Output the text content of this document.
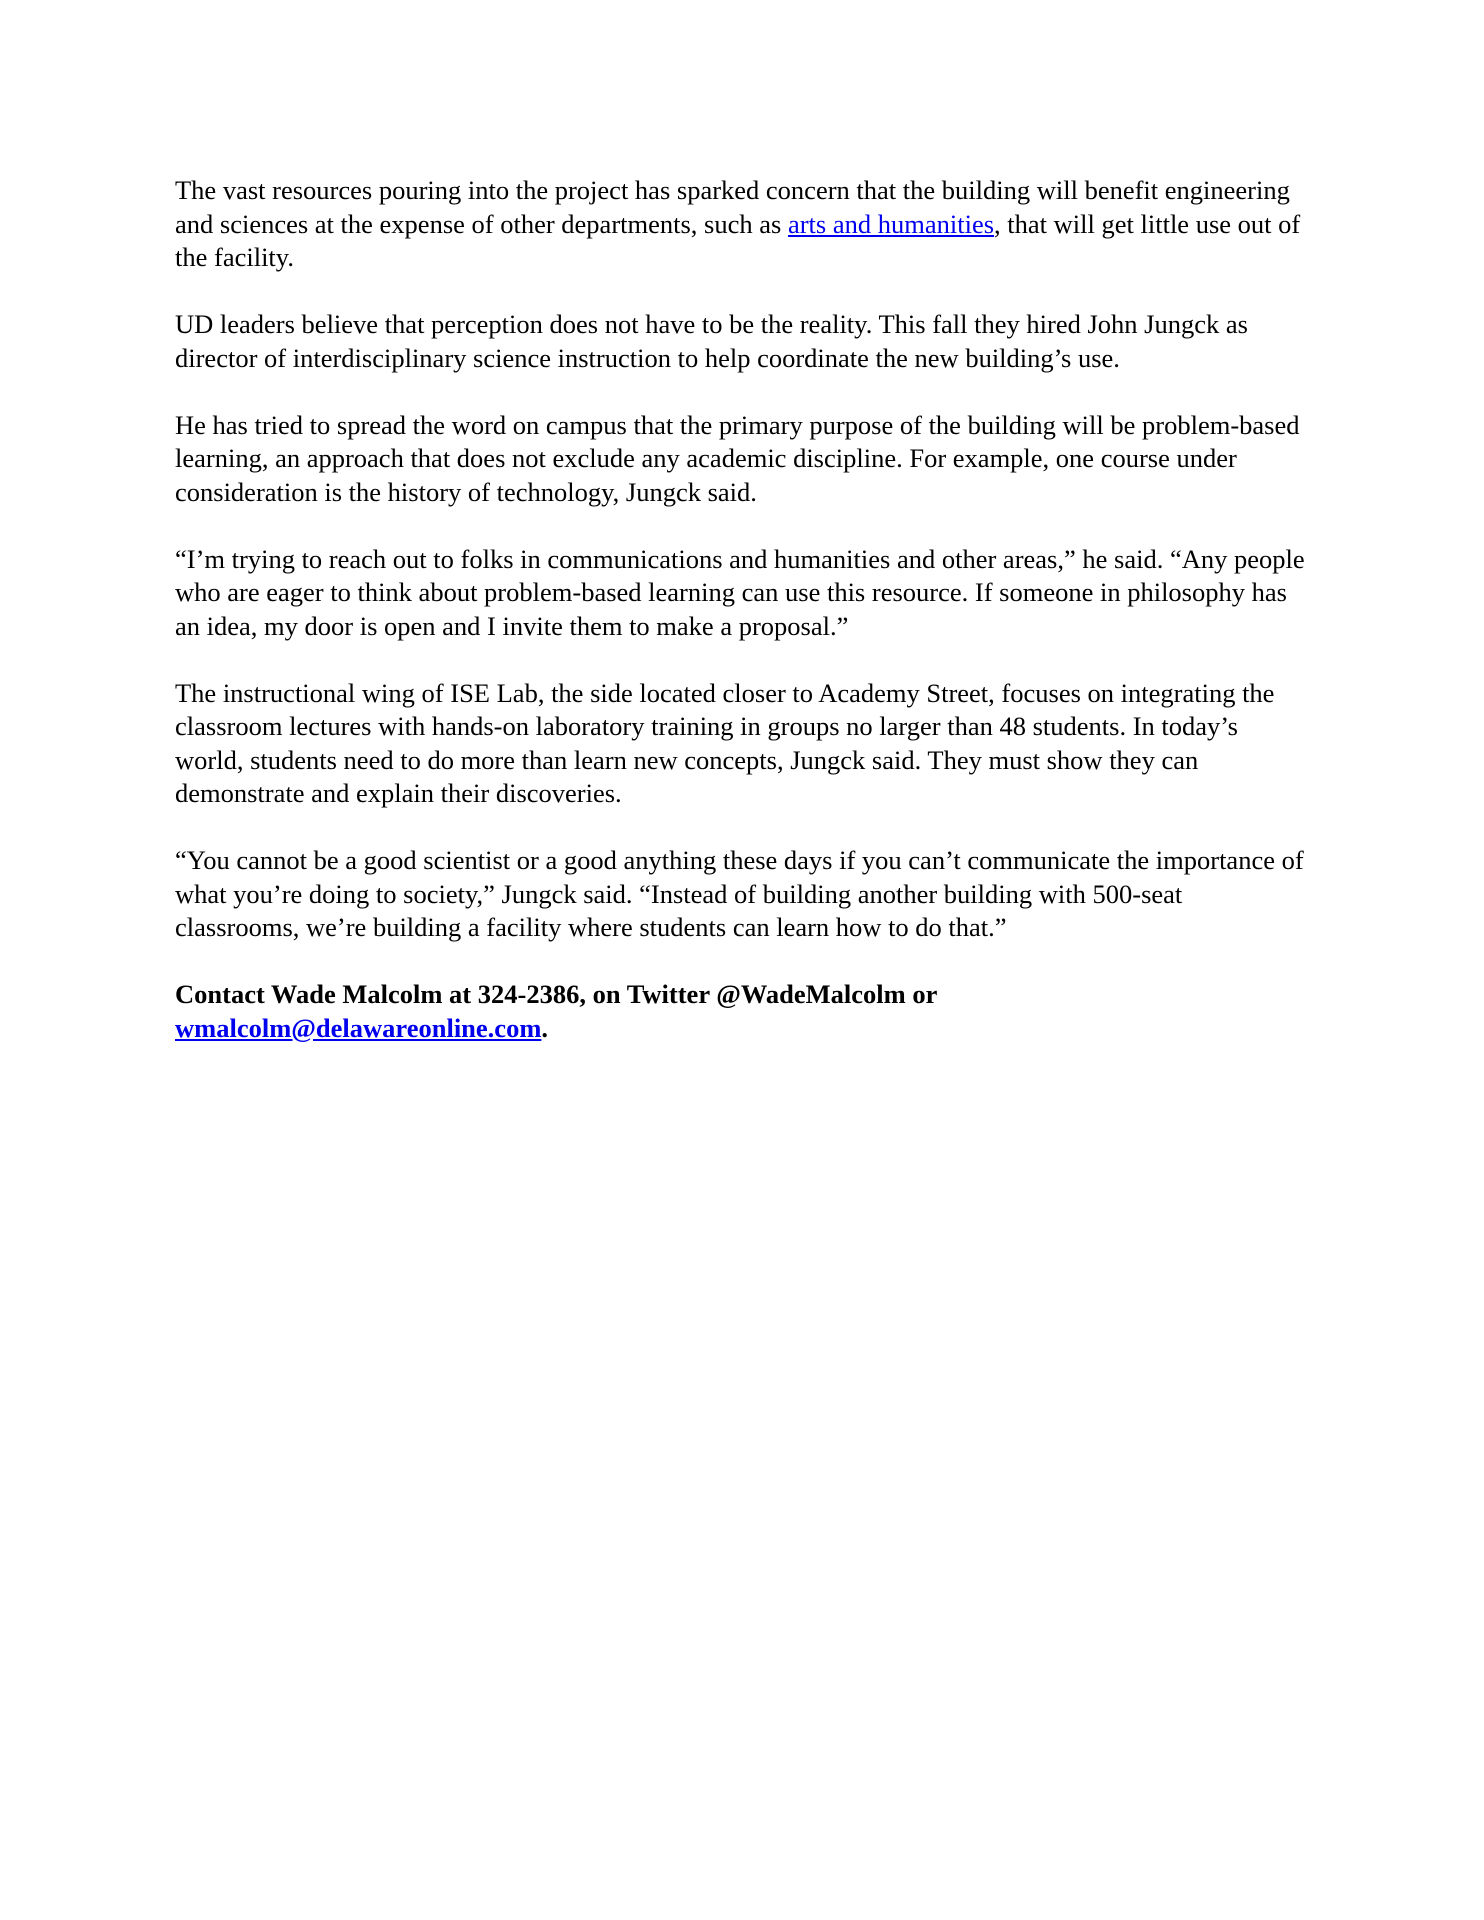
The vast resources pouring into the project has sparked concern that the building will benefit engineering and sciences at the expense of other departments, such as arts and humanities, that will get little use out of the facility.

UD leaders believe that perception does not have to be the reality. This fall they hired John Jungck as director of interdisciplinary science instruction to help coordinate the new building’s use.

He has tried to spread the word on campus that the primary purpose of the building will be problem-based learning, an approach that does not exclude any academic discipline. For example, one course under consideration is the history of technology, Jungck said.

“I’m trying to reach out to folks in communications and humanities and other areas,” he said. “Any people who are eager to think about problem-based learning can use this resource. If someone in philosophy has an idea, my door is open and I invite them to make a proposal.”

The instructional wing of ISE Lab, the side located closer to Academy Street, focuses on integrating the classroom lectures with hands-on laboratory training in groups no larger than 48 students. In today’s world, students need to do more than learn new concepts, Jungck said. They must show they can demonstrate and explain their discoveries.

“You cannot be a good scientist or a good anything these days if you can’t communicate the importance of what you’re doing to society,” Jungck said. “Instead of building another building with 500-seat classrooms, we’re building a facility where students can learn how to do that.”

Contact Wade Malcolm at 324-2386, on Twitter @WadeMalcolm or wmalcolm@delawareonline.com.
